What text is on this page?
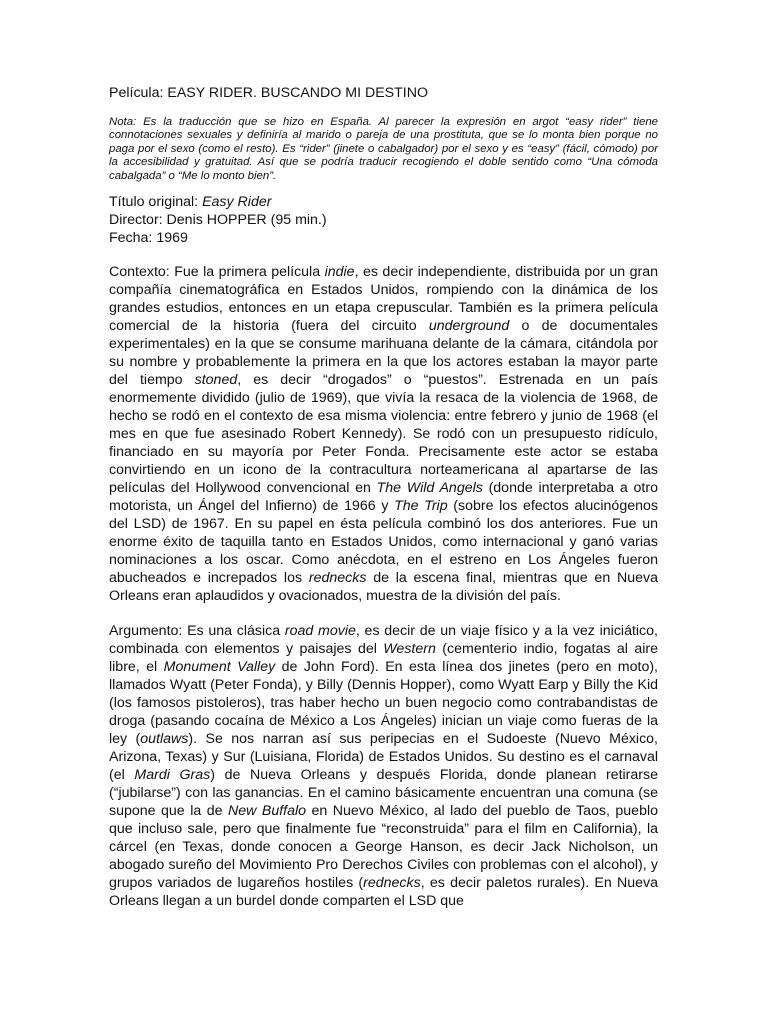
Película: EASY RIDER. BUSCANDO MI DESTINO
Nota: Es la traducción que se hizo en España. Al parecer la expresión en argot “easy rider” tiene connotaciones sexuales y definiría al marido o pareja de una prostituta, que se lo monta bien porque no paga por el sexo (como el resto). Es “rider” (jinete o cabalgador) por el sexo y es “easy” (fácil, cómodo) por la accesibilidad y gratuitad. Así que se podría traducir recogiendo el doble sentido como “Una cómoda cabalgada” o “Me lo monto bien”.
Título original: Easy Rider
Director: Denis HOPPER (95 min.)
Fecha: 1969
Contexto: Fue la primera película indie, es decir independiente, distribuida por un gran compañía cinematográfica en Estados Unidos, rompiendo con la dinámica de los grandes estudios, entonces en un etapa crepuscular. También es la primera película comercial de la historia (fuera del circuito underground o de documentales experimentales) en la que se consume marihuana delante de la cámara, citándola por su nombre y probablemente la primera en la que los actores estaban la mayor parte del tiempo stoned, es decir “drogados” o “puestos”. Estrenada en un país enormemente dividido (julio de 1969), que vivía la resaca de la violencia de 1968, de hecho se rodó en el contexto de esa misma violencia: entre febrero y junio de 1968 (el mes en que fue asesinado Robert Kennedy). Se rodó con un presupuesto ridículo, financiado en su mayoría por Peter Fonda. Precisamente este actor se estaba convirtiendo en un icono de la contracultura norteamericana al apartarse de las películas del Hollywood convencional en The Wild Angels (donde interpretaba a otro motorista, un Ángel del Infierno) de 1966 y The Trip (sobre los efectos alucinógenos del LSD) de 1967. En su papel en ésta película combinó los dos anteriores. Fue un enorme éxito de taquilla tanto en Estados Unidos, como internacional y ganó varias nominaciones a los oscar. Como anécdota, en el estreno en Los Ángeles fueron abucheados e increpados los rednecks de la escena final, mientras que en Nueva Orleans eran aplaudidos y ovacionados, muestra de la división del país.
Argumento: Es una clásica road movie, es decir de un viaje físico y a la vez iniciático, combinada con elementos y paisajes del Western (cementerio indio, fogatas al aire libre, el Monument Valley de John Ford). En esta línea dos jinetes (pero en moto), llamados Wyatt (Peter Fonda), y Billy (Dennis Hopper), como Wyatt Earp y Billy the Kid (los famosos pistoleros), tras haber hecho un buen negocio como contrabandistas de droga (pasando cocaína de México a Los Ángeles) inician un viaje como fueras de la ley (outlaws). Se nos narran así sus peripecias en el Sudoeste (Nuevo México, Arizona, Texas) y Sur (Luisiana, Florida) de Estados Unidos. Su destino es el carnaval (el Mardi Gras) de Nueva Orleans y después Florida, donde planean retirarse (“jubilarse”) con las ganancias. En el camino básicamente encuentran una comuna (se supone que la de New Buffalo en Nuevo México, al lado del pueblo de Taos, pueblo que incluso sale, pero que finalmente fue “reconstruida” para el film en California), la cárcel (en Texas, donde conocen a George Hanson, es decir Jack Nicholson, un abogado sureño del Movimiento Pro Derechos Civiles con problemas con el alcohol), y grupos variados de lugareños hostiles (rednecks, es decir paletos rurales). En Nueva Orleans llegan a un burdel donde comparten el LSD que
